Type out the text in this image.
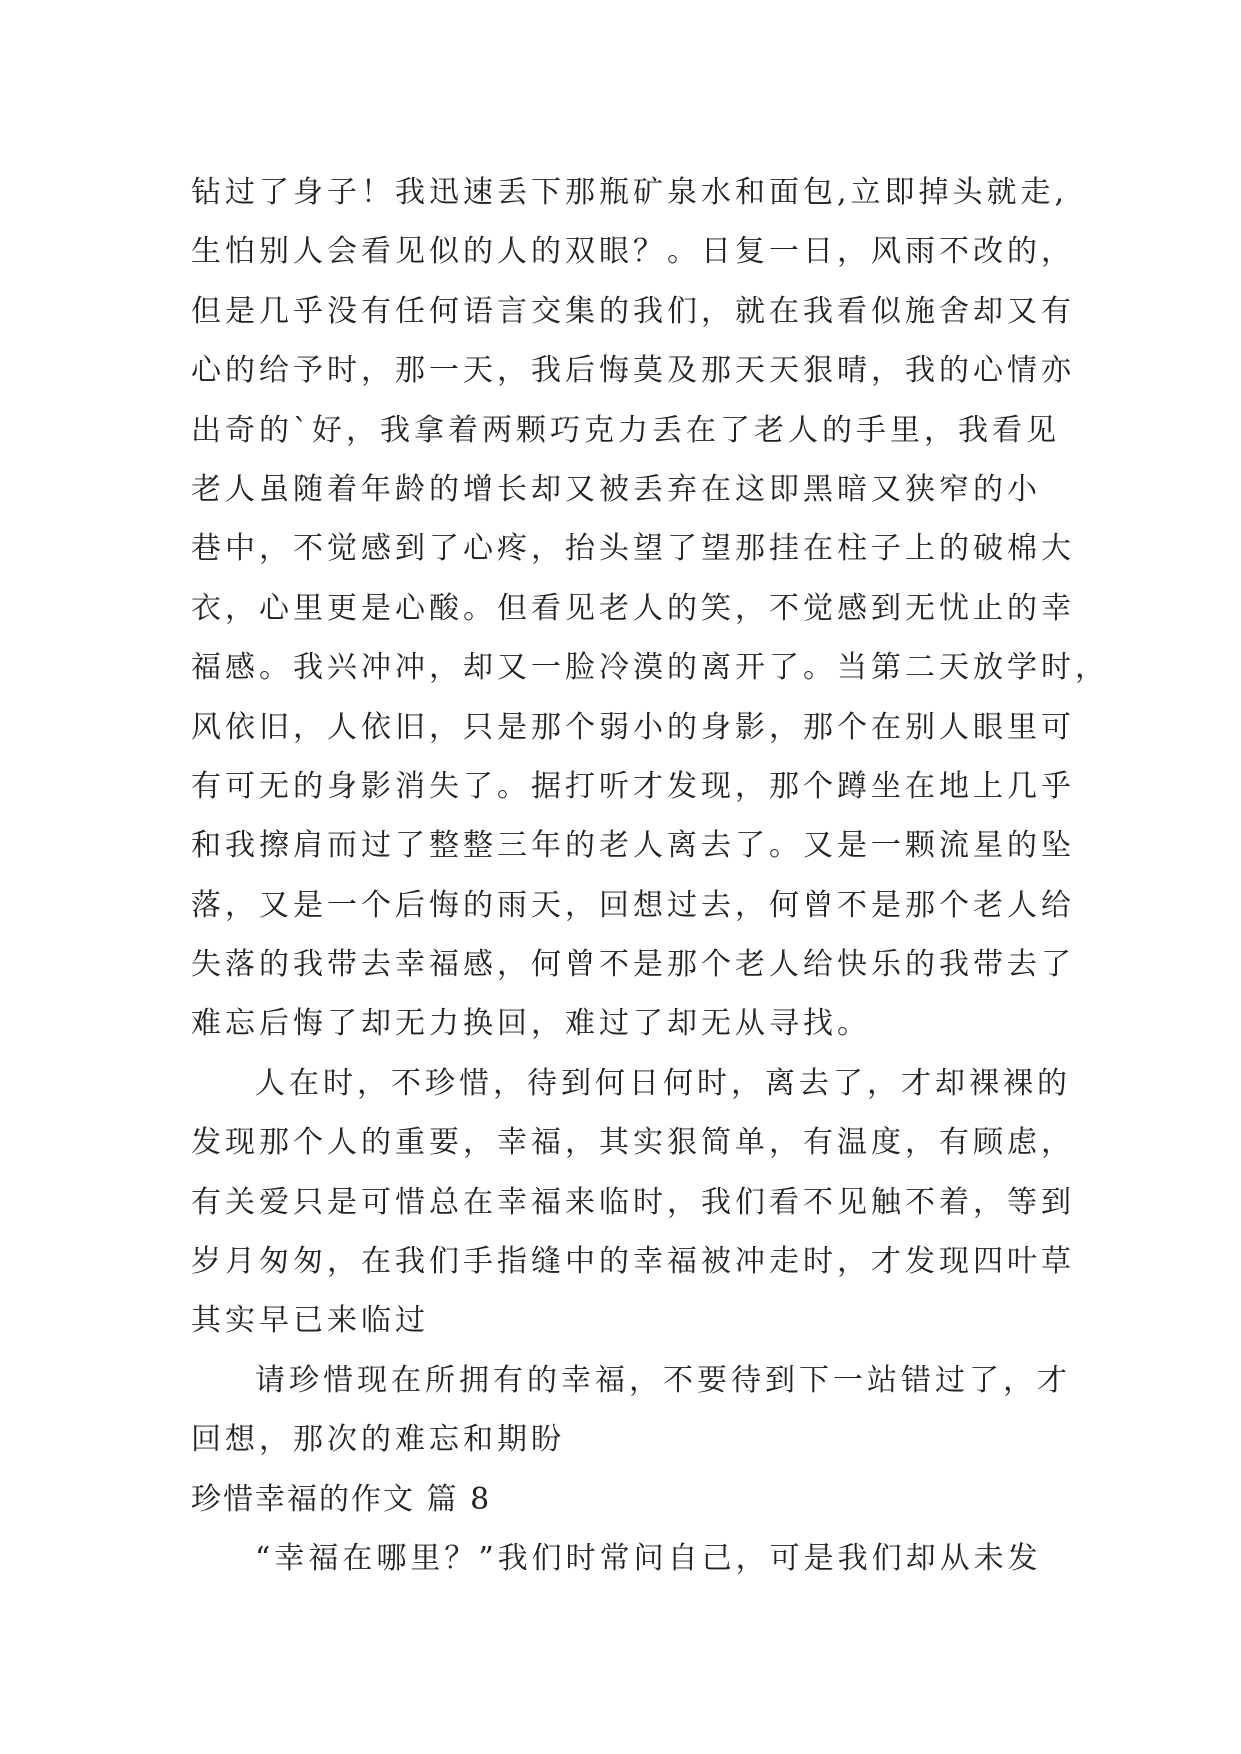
钻过了身子！我迅速丢下那瓶矿泉水和面包,立即掉头就走,
生怕别人会看见似的人的双眼？。日复一日，风雨不改的，
但是几乎没有任何语言交集的我们，就在我看似施舍却又有
心的给予时，那一天，我后悔莫及那天天狠晴，我的心情亦
出奇的`好，我拿着两颗巧克力丢在了老人的手里，我看见
老人虽随着年龄的增长却又被丢弃在这即黑暗又狭窄的小
巷中，不觉感到了心疼，抬头望了望那挂在柱子上的破棉大
衣，心里更是心酸。但看见老人的笑，不觉感到无忧止的幸
福感。我兴冲冲，却又一脸冷漠的离开了。当第二天放学时，
风依旧，人依旧，只是那个弱小的身影，那个在别人眼里可
有可无的身影消失了。据打听才发现，那个蹲坐在地上几乎
和我擦肩而过了整整三年的老人离去了。又是一颗流星的坠
落，又是一个后悔的雨天，回想过去，何曾不是那个老人给
失落的我带去幸福感，何曾不是那个老人给快乐的我带去了
难忘后悔了却无力换回，难过了却无从寻找。
人在时，不珍惜，待到何日何时，离去了，才却裸裸的
发现那个人的重要，幸福，其实狠简单，有温度，有顾虑，
有关爱只是可惜总在幸福来临时，我们看不见触不着，等到
岁月匆匆，在我们手指缝中的幸福被冲走时，才发现四叶草
其实早已来临过
请珍惜现在所拥有的幸福，不要待到下一站错过了，才
回想，那次的难忘和期盼
珍惜幸福的作文 篇 8
“幸福在哪里？”我们时常问自己，可是我们却从未发
